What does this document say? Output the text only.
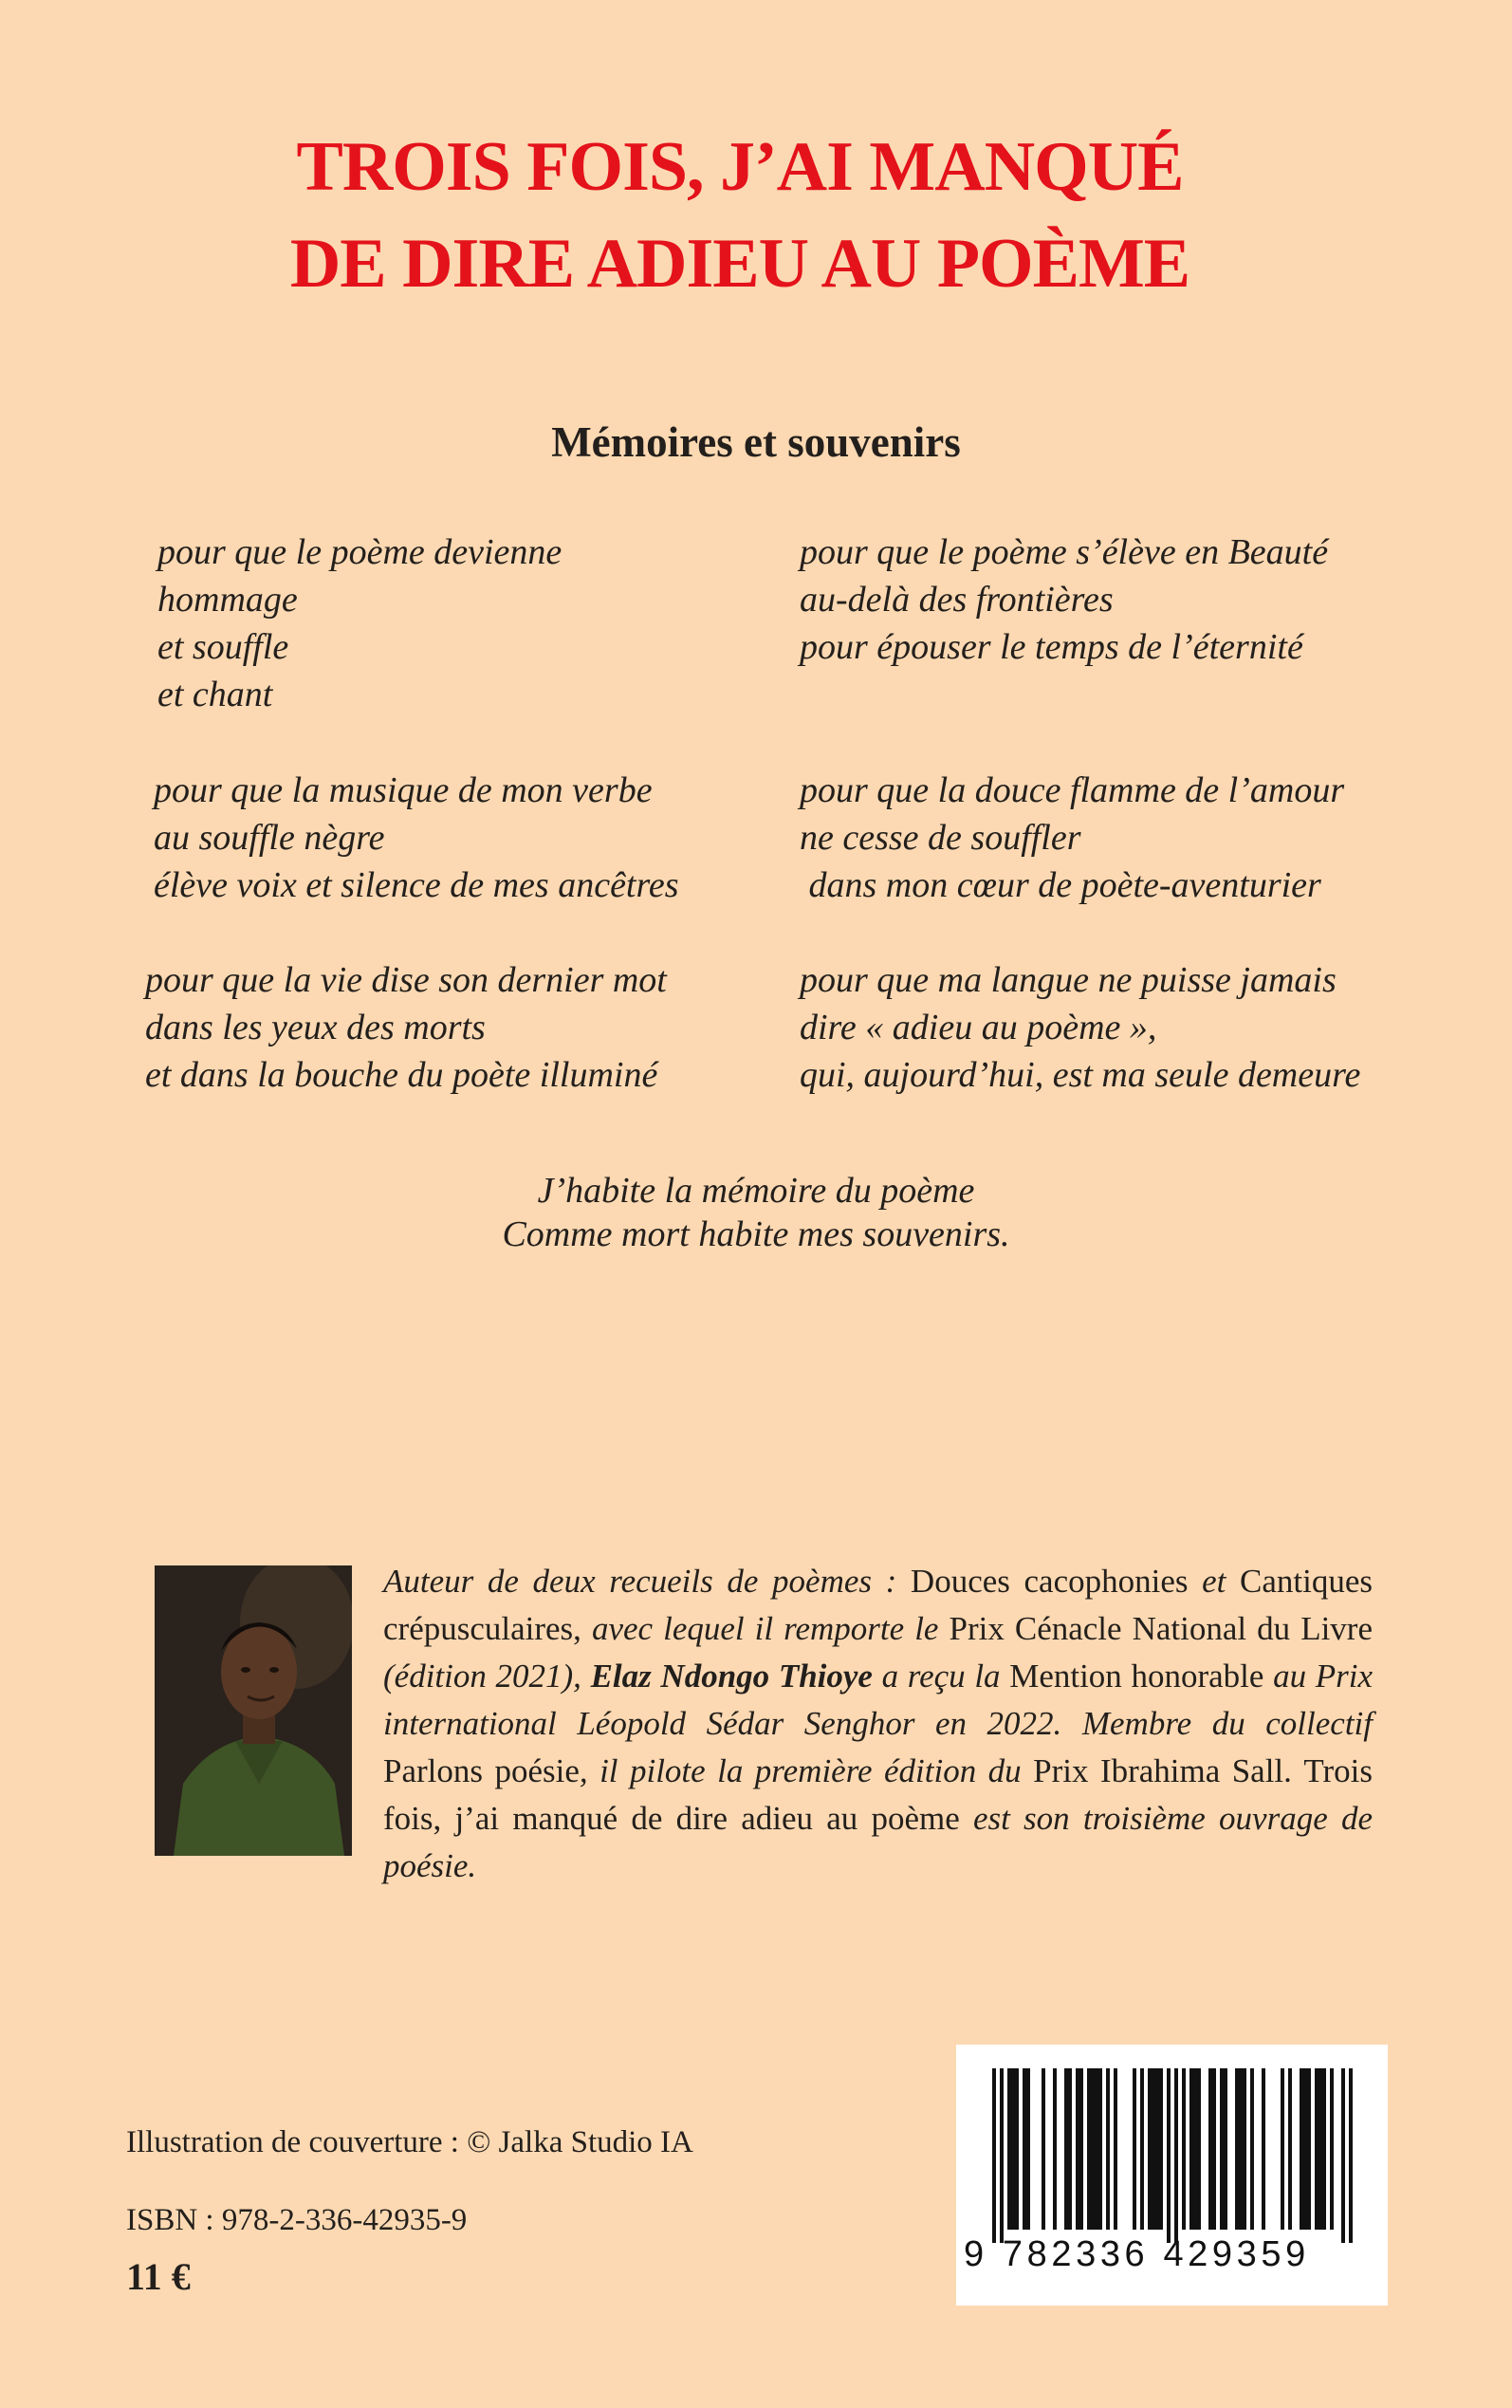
TROIS FOIS, J’AI MANQUÉ
DE DIRE ADIEU AU POÈME
Mémoires et souvenirs
pour que le poème devienne
hommage
et souffle
et chant
pour que la musique de mon verbe
au souffle nègre
élève voix et silence de mes ancêtres
pour que la vie dise son dernier mot
dans les yeux des morts
et dans la bouche du poète illuminé
pour que le poème s’élève en Beauté
au-delà des frontières
pour épouser le temps de l’éternité
pour que la douce flamme de l’amour
ne cesse de souffler
dans mon cœur de poète-aventurier
pour que ma langue ne puisse jamais
dire « adieu au poème »,
qui, aujourd’hui, est ma seule demeure
J’habite la mémoire du poème
Comme mort habite mes souvenirs.
Auteur de deux recueils de poèmes : Douces cacophonies et Cantiques crépusculaires, avec lequel il remporte le Prix Cénacle National du Livre (édition 2021), Elaz Ndongo Thioye a reçu la Mention honorable au Prix international Léopold Sédar Senghor en 2022. Membre du collectif Parlons poésie, il pilote la première édition du Prix Ibrahima Sall. Trois fois, j’ai manqué de dire adieu au poème est son troisième ouvrage de poésie.
Illustration de couverture : © Jalka Studio IA
ISBN : 978-2-336-42935-9
11 €
9 782336 429359
